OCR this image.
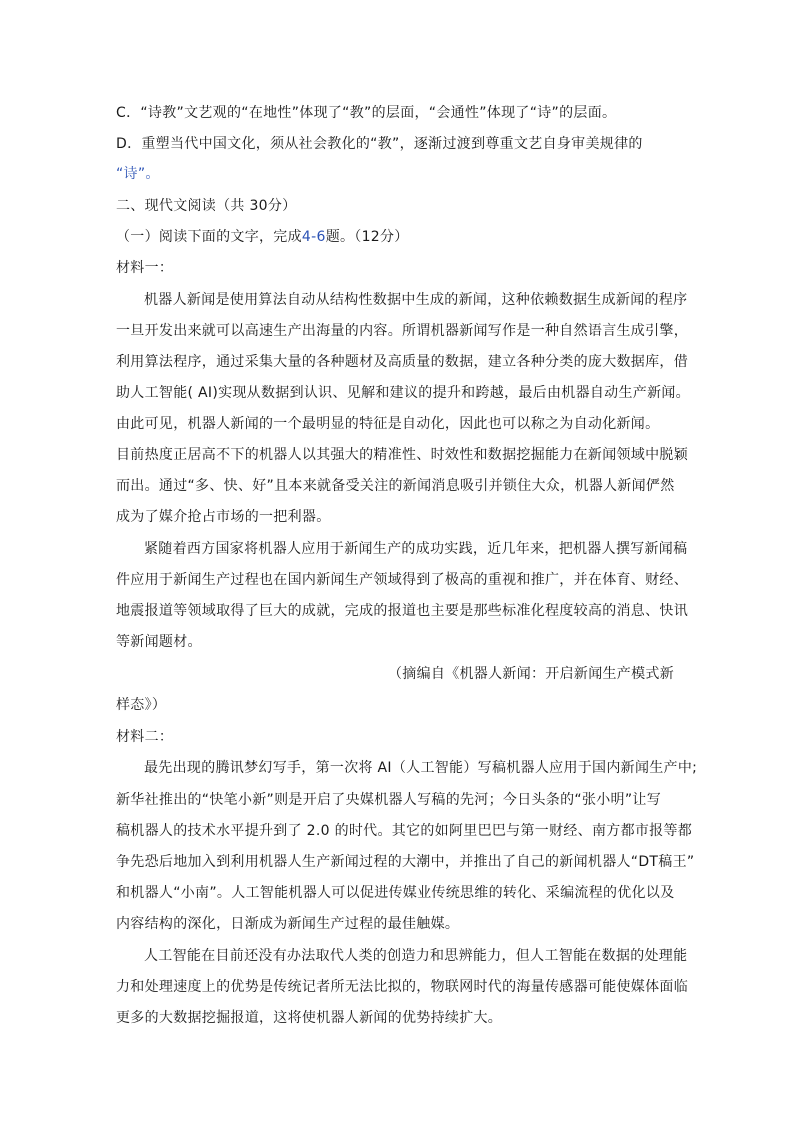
C．“诗教”文艺观的“在地性”体现了“教”的层面，“会通性”体现了“诗”的层面。
D．重塑当代中国文化，须从社会教化的“教”，逐渐过渡到尊重文艺自身审美规律的
“诗”。
二、现代文阅读（共 30分）
（一）阅读下面的文字，完成4-6题。（12分）
材料一：
机器人新闻是使用算法自动从结构性数据中生成的新闻，这种依赖数据生成新闻的程序
一旦开发出来就可以高速生产出海量的内容。所谓机器新闻写作是一种自然语言生成引擎，
利用算法程序，通过采集大量的各种题材及高质量的数据，建立各种分类的庞大数据库，借
助人工智能( AI)实现从数据到认识、见解和建议的提升和跨越，最后由机器自动生产新闻。
由此可见，机器人新闻的一个最明显的特征是自动化，因此也可以称之为自动化新闻。
目前热度正居高不下的机器人以其强大的精准性、时效性和数据挖掘能力在新闻领域中脱颖
而出。通过“多、快、好”且本来就备受关注的新闻消息吸引并锁住大众，机器人新闻俨然
成为了媒介抢占市场的一把利器。
紧随着西方国家将机器人应用于新闻生产的成功实践，近几年来，把机器人撰写新闻稿
件应用于新闻生产过程也在国内新闻生产领域得到了极高的重视和推广，并在体育、财经、
地震报道等领域取得了巨大的成就，完成的报道也主要是那些标准化程度较高的消息、快讯
等新闻题材。
（摘编自《机器人新闻：开启新闻生产模式新
样态》）
材料二：
最先出现的腾讯梦幻写手，第一次将 AI（人工智能）写稿机器人应用于国内新闻生产中;
新华社推出的“快笔小新”则是开启了央媒机器人写稿的先河；今日头条的“张小明”让写
稿机器人的技术水平提升到了 2.0 的时代。其它的如阿里巴巴与第一财经、南方都市报等都
争先恐后地加入到利用机器人生产新闻过程的大潮中，并推出了自己的新闻机器人“DT稿王”
和机器人“小南”。人工智能机器人可以促进传媒业传统思维的转化、采编流程的优化以及
内容结构的深化，日渐成为新闻生产过程的最佳触媒。
人工智能在目前还没有办法取代人类的创造力和思辨能力，但人工智能在数据的处理能
力和处理速度上的优势是传统记者所无法比拟的，物联网时代的海量传感器可能使媒体面临
更多的大数据挖掘报道，这将使机器人新闻的优势持续扩大。
